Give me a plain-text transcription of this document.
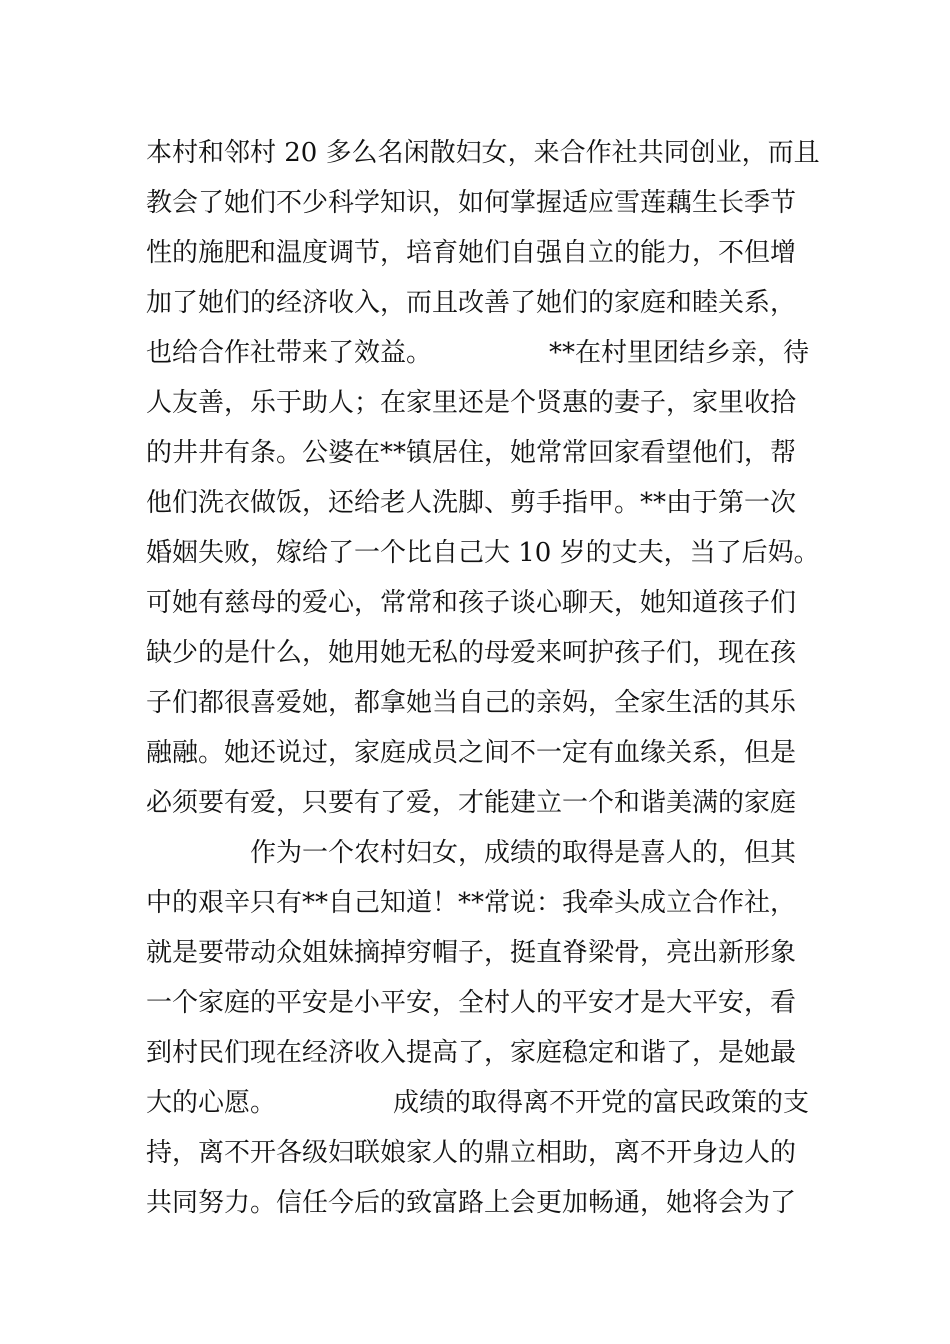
本村和邻村 20 多么名闲散妇女，来合作社共同创业，而且
教会了她们不少科学知识，如何掌握适应雪莲藕生长季节
性的施肥和温度调节，培育她们自强自立的能力，不但增
加了她们的经济收入，而且改善了她们的家庭和睦关系，
也给合作社带来了效益。　　　　　**在村里团结乡亲，待
人友善，乐于助人；在家里还是个贤惠的妻子，家里收拾
的井井有条。公婆在**镇居住，她常常回家看望他们，帮
他们洗衣做饭，还给老人洗脚、剪手指甲。**由于第一次
婚姻失败，嫁给了一个比自己大 10 岁的丈夫，当了后妈。
可她有慈母的爱心，常常和孩子谈心聊天，她知道孩子们
缺少的是什么，她用她无私的母爱来呵护孩子们，现在孩
子们都很喜爱她，都拿她当自己的亲妈，全家生活的其乐
融融。她还说过，家庭成员之间不一定有血缘关系，但是
必须要有爱，只要有了爱，才能建立一个和谐美满的家庭
　　　　作为一个农村妇女，成绩的取得是喜人的，但其
中的艰辛只有**自己知道！**常说：我牵头成立合作社，
就是要带动众姐妹摘掉穷帽子，挺直脊梁骨，亮出新形象
一个家庭的平安是小平安，全村人的平安才是大平安，看
到村民们现在经济收入提高了，家庭稳定和谐了，是她最
大的心愿。　　　　　成绩的取得离不开党的富民政策的支
持，离不开各级妇联娘家人的鼎立相助，离不开身边人的
共同努力。信任今后的致富路上会更加畅通，她将会为了
